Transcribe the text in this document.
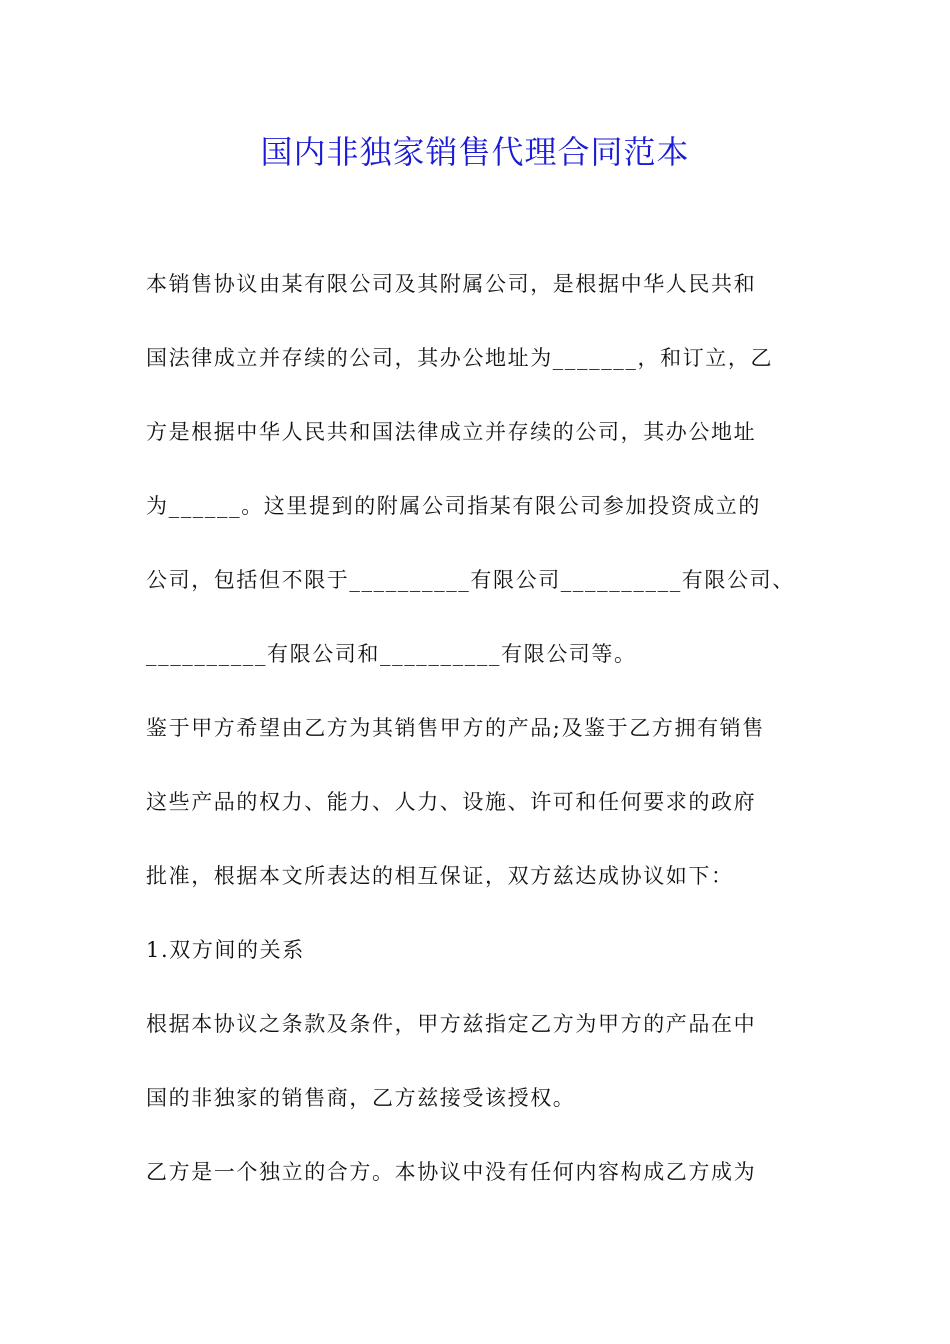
国内非独家销售代理合同范本
本销售协议由某有限公司及其附属公司，是根据中华人民共和
国法律成立并存续的公司，其办公地址为_______，和订立，乙
方是根据中华人民共和国法律成立并存续的公司，其办公地址
为______。这里提到的附属公司指某有限公司参加投资成立的
公司，包括但不限于__________有限公司__________有限公司、
__________有限公司和__________有限公司等。
鉴于甲方希望由乙方为其销售甲方的产品;及鉴于乙方拥有销售
这些产品的权力、能力、人力、设施、许可和任何要求的政府
批准，根据本文所表达的相互保证，双方兹达成协议如下：
1.双方间的关系
根据本协议之条款及条件，甲方兹指定乙方为甲方的产品在中
国的非独家的销售商，乙方兹接受该授权。
乙方是一个独立的合方。本协议中没有任何内容构成乙方成为
